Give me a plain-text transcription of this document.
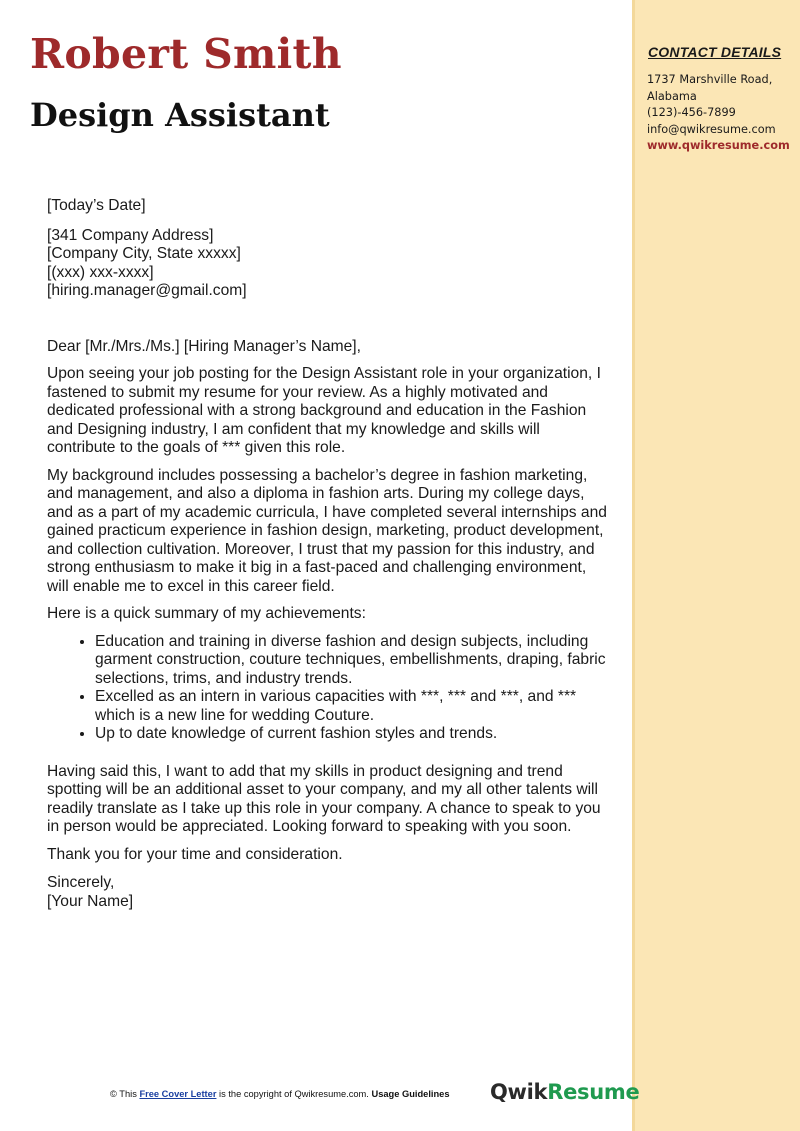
CONTACT DETAILS
1737 Marshville Road,
Alabama
(123)-456-7899
info@qwikresume.com
www.qwikresume.com
Robert Smith
Design Assistant

[Today’s Date]

[341 Company Address]

[Company City, State xxxxx]

[(xxx) xxx-xxxx]

[hiring.manager@gmail.com]

Dear [Mr./Mrs./Ms.] [Hiring Manager’s Name],

Upon seeing your job posting for the Design Assistant role in your organization, I fastened to submit my resume for your review. As a highly motivated and dedicated professional with a strong background and education in the Fashion and Designing industry, I am confident that my knowledge and skills will contribute to the goals of *** given this role.

My background includes possessing a bachelor’s degree in fashion marketing, and management, and also a diploma in fashion arts. During my college days, and as a part of my academic curricula, I have completed several internships and gained practicum experience in fashion design, marketing, product development, and collection cultivation. Moreover, I trust that my passion for this industry, and strong enthusiasm to make it big in a fast-paced and challenging environment, will enable me to excel in this career field.

Here is a quick summary of my achievements:

• Education and training in diverse fashion and design subjects, including garment construction, couture techniques, embellishments, draping, fabric selections, trims, and industry trends.
• Excelled as an intern in various capacities with ***, *** and ***, and *** which is a new line for wedding Couture.
• Up to date knowledge of current fashion styles and trends.

Having said this, I want to add that my skills in product designing and trend spotting will be an additional asset to your company, and my all other talents will readily translate as I take up this role in your company. A chance to speak to you in person would be appreciated. Looking forward to speaking with you soon.

Thank you for your time and consideration.

Sincerely,

[Your Name]

© This Free Cover Letter is the copyright of Qwikresume.com. Usage Guidelines QwikResume
